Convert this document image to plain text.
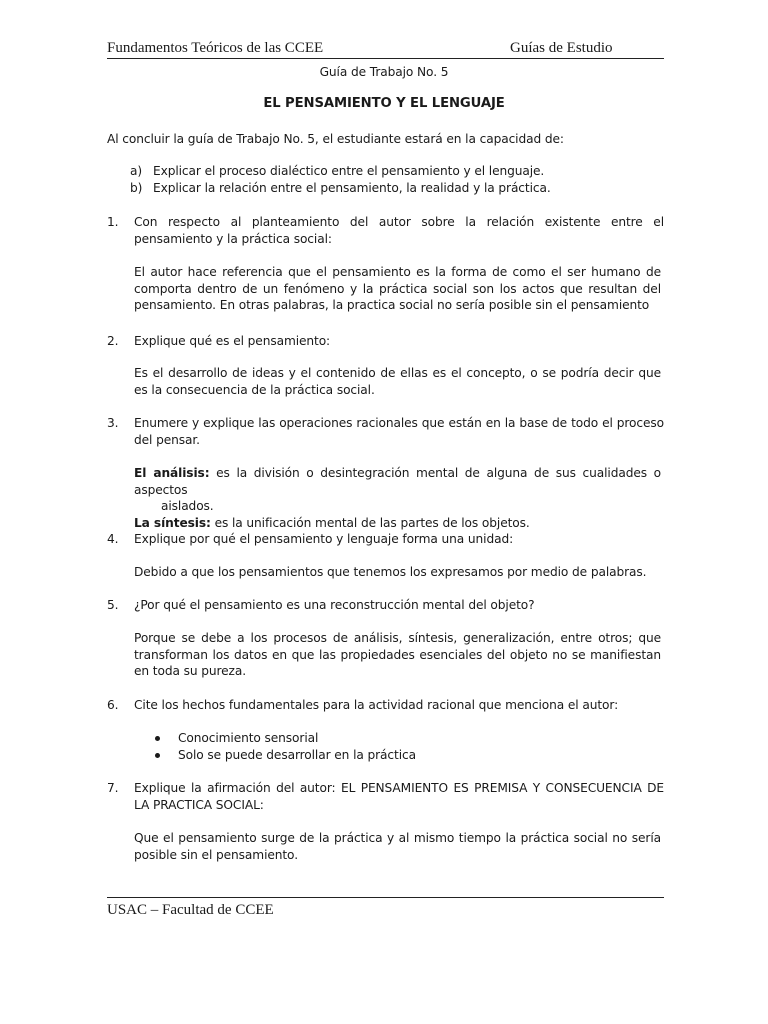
Fundamentos Teóricos de las CCEE	Guías de Estudio
Guía de Trabajo No. 5
EL PENSAMIENTO Y EL LENGUAJE
Al concluir la guía de Trabajo No. 5, el estudiante estará en la capacidad de:
a) Explicar el proceso dialéctico entre el pensamiento y el lenguaje.
b) Explicar la relación entre el pensamiento, la realidad y la práctica.
1. Con respecto al planteamiento del autor sobre la relación existente entre el pensamiento y la práctica social:
El autor hace referencia que el pensamiento es la forma de como el ser humano de comporta dentro de un fenómeno y la práctica social son los actos que resultan del pensamiento. En otras palabras, la practica social no sería posible sin el pensamiento
2. Explique qué es el pensamiento:
Es el desarrollo de ideas y el contenido de ellas es el concepto, o se podría decir que es la consecuencia de la práctica social.
3. Enumere y explique las operaciones racionales que están en la base de todo el proceso del pensar.
El análisis: es la división o desintegración mental de alguna de sus cualidades o aspectos
aislados.
La síntesis: es la unificación mental de las partes de los objetos.
4. Explique por qué el pensamiento y lenguaje forma una unidad:
Debido a que los pensamientos que tenemos los expresamos por medio de palabras.
5. ¿Por qué el pensamiento es una reconstrucción mental del objeto?
Porque se debe a los procesos de análisis, síntesis, generalización, entre otros; que transforman los datos en que las propiedades esenciales del objeto no se manifiestan en toda su pureza.
6. Cite los hechos fundamentales para la actividad racional que menciona el autor:
Conocimiento sensorial
Solo se puede desarrollar en la práctica
7. Explique la afirmación del autor: EL PENSAMIENTO ES PREMISA Y CONSECUENCIA DE LA PRACTICA SOCIAL:
Que el pensamiento surge de la práctica y al mismo tiempo la práctica social no sería posible sin el pensamiento.
USAC – Facultad de CCEE
